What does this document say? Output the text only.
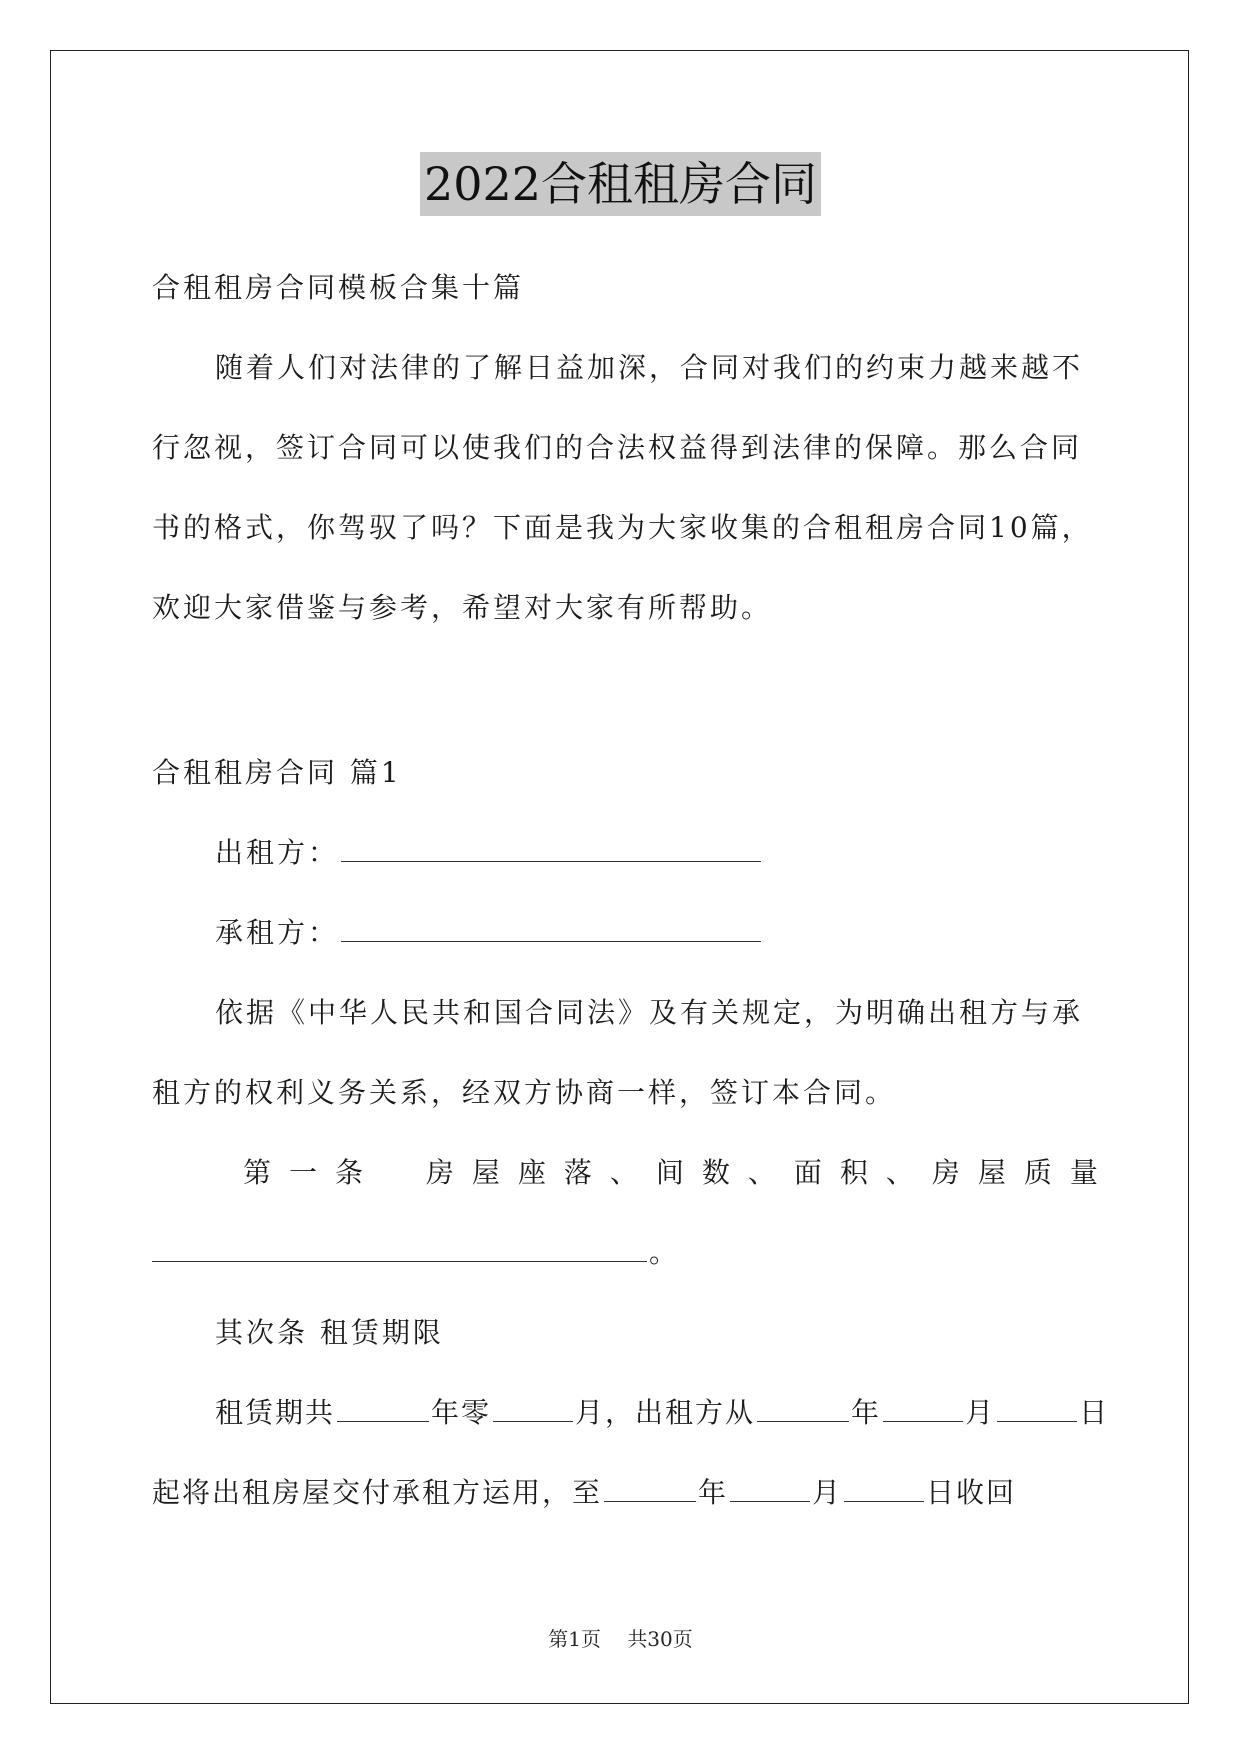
2022合租租房合同
合租租房合同模板合集十篇
随着人们对法律的了解日益加深，合同对我们的约束力越来越不
行忽视，签订合同可以使我们的合法权益得到法律的保障。那么合同
书的格式，你驾驭了吗？下面是我为大家收集的合租租房合同10篇，
欢迎大家借鉴与参考，希望对大家有所帮助。
合租租房合同 篇1
出租方：
承租方：
依据《中华人民共和国合同法》及有关规定，为明确出租方与承
租方的权利义务关系，经双方协商一样，签订本合同。
第一条 房屋座落、间数、面积、房屋质量
。
其次条 租赁期限
租赁期共	年零	月，出租方从	年	月	日
起将出租房屋交付承租方运用，至	年	月	日收回
第1页 共30页
